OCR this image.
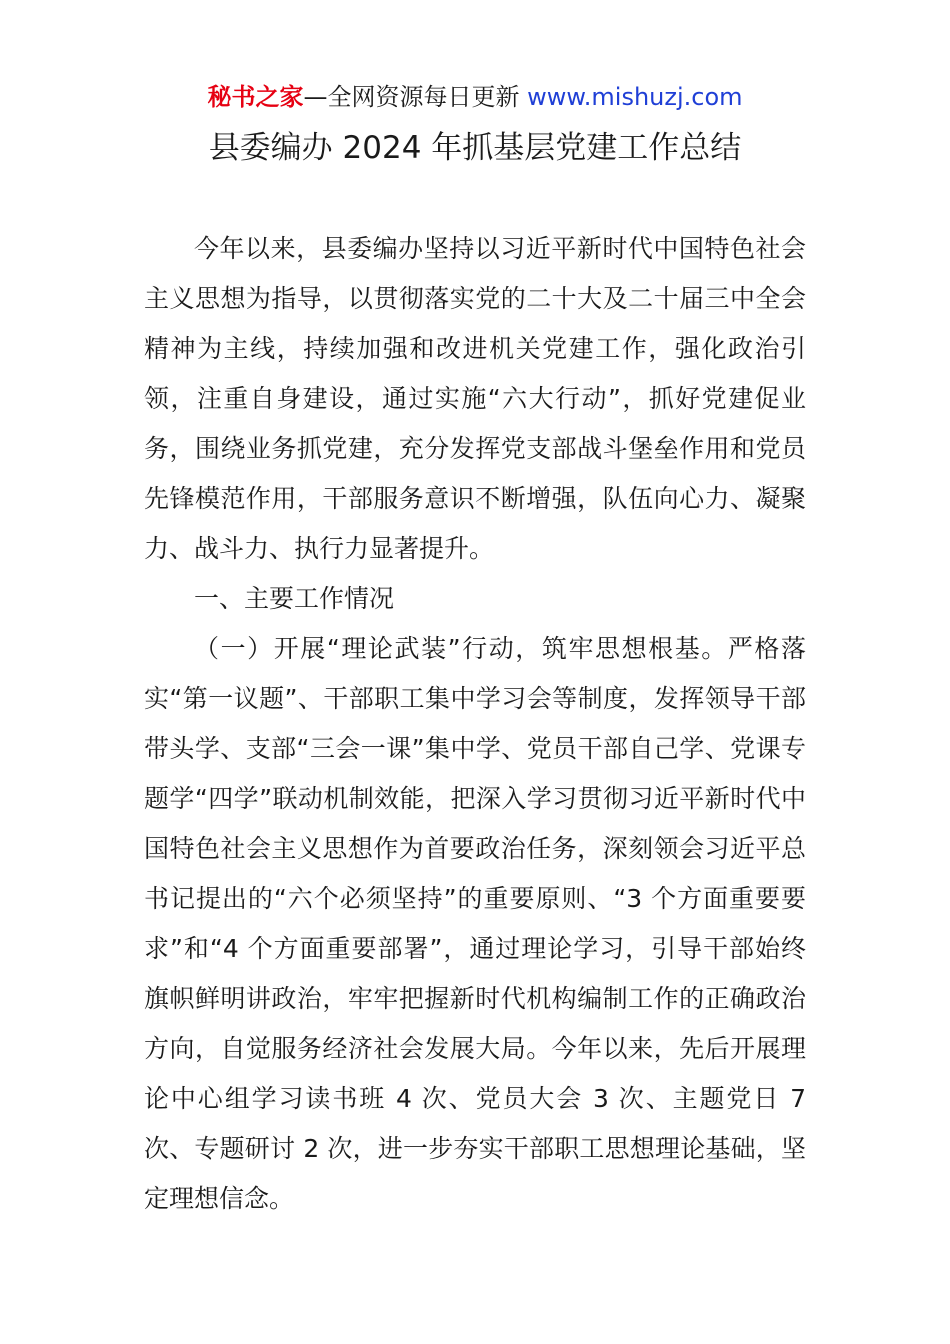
秘书之家—全网资源每日更新 www.mishuzj.com
县委编办 2024 年抓基层党建工作总结

今年以来，县委编办坚持以习近平新时代中国特色社会主义思想为指导，以贯彻落实党的二十大及二十届三中全会精神为主线，持续加强和改进机关党建工作，强化政治引领，注重自身建设，通过实施“六大行动”，抓好党建促业务，围绕业务抓党建，充分发挥党支部战斗堡垒作用和党员先锋模范作用，干部服务意识不断增强，队伍向心力、凝聚力、战斗力、执行力显著提升。

一、主要工作情况

（一）开展“理论武装”行动，筑牢思想根基。严格落实“第一议题”、干部职工集中学习会等制度，发挥领导干部带头学、支部“三会一课”集中学、党员干部自己学、党课专题学“四学”联动机制效能，把深入学习贯彻习近平新时代中国特色社会主义思想作为首要政治任务，深刻领会习近平总书记提出的“六个必须坚持”的重要原则、“3 个方面重要要求”和“4 个方面重要部署”，通过理论学习，引导干部始终旗帜鲜明讲政治，牢牢把握新时代机构编制工作的正确政治方向，自觉服务经济社会发展大局。今年以来，先后开展理论中心组学习读书班 4 次、党员大会 3 次、主题党日 7 次、专题研讨 2 次，进一步夯实干部职工思想理论基础，坚定理想信念。
